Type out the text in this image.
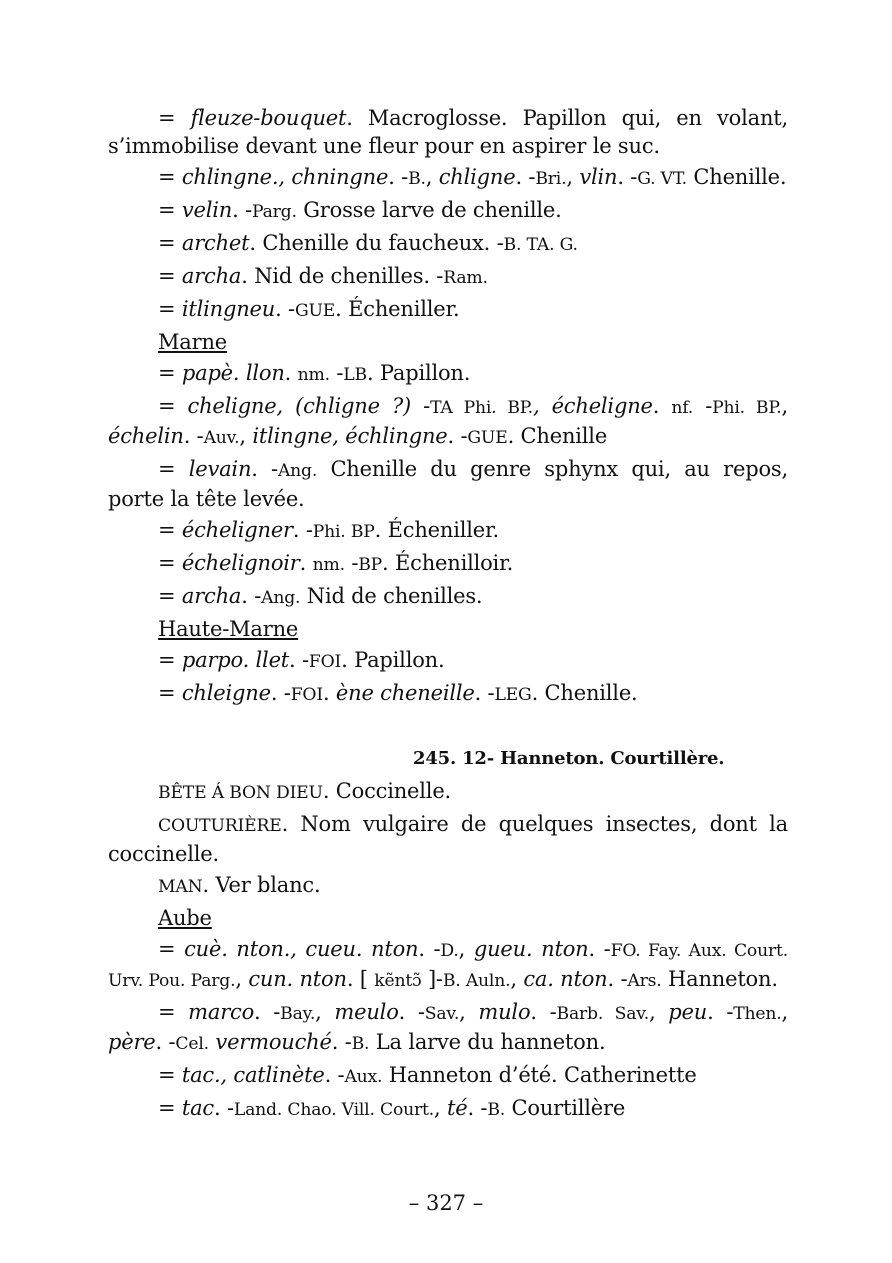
= fleuze-bouquet. Macroglosse. Papillon qui, en volant, s’immobilise devant une fleur pour en aspirer le suc.

= chlingne., chningne. -B., chligne. -Bri., vlin. -G. VT. Chenille.

= velin. -Parg. Grosse larve de chenille.

= archet. Chenille du faucheux. -B. TA. G.

= archa. Nid de chenilles. -Ram.

= itlingneu. -GUE. Écheniller.

Marne

= papè. llon. nm. -LB. Papillon.

= cheligne, (chligne ?) -TA Phi. BP., écheligne. nf. -Phi. BP., échelin. -Auv., itlingne, échlingne. -GUE. Chenille

= levain. -Ang. Chenille du genre sphynx qui, au repos, porte la tête levée.

= écheligner. -Phi. BP. Écheniller.

= échelignoir. nm. -BP. Échenilloir.

= archa. -Ang. Nid de chenilles.

Haute-Marne

= parpo. llet. -FOI. Papillon.

= chleigne. -FOI. ène cheneille. -LEG. Chenille.

245. 12- Hanneton. Courtillère.

BÊTE Á BON DIEU. Coccinelle.

COUTURIÈRE. Nom vulgaire de quelques insectes, dont la coccinelle.

MAN. Ver blanc.

Aube

= cuè. nton., cueu. nton. -D., gueu. nton. -FO. Fay. Aux. Court. Urv. Pou. Parg., cun. nton. [ kẽntɔ̃ ]-B. Auln., ca. nton. -Ars. Hanneton.

= marco. -Bay., meulo. -Sav., mulo. -Barb. Sav., peu. -Then., père. -Cel. vermouché. -B. La larve du hanneton.

= tac., catlinète. -Aux. Hanneton d’été. Catherinette

= tac. -Land. Chao. Vill. Court., té. -B. Courtillère

– 327 –
